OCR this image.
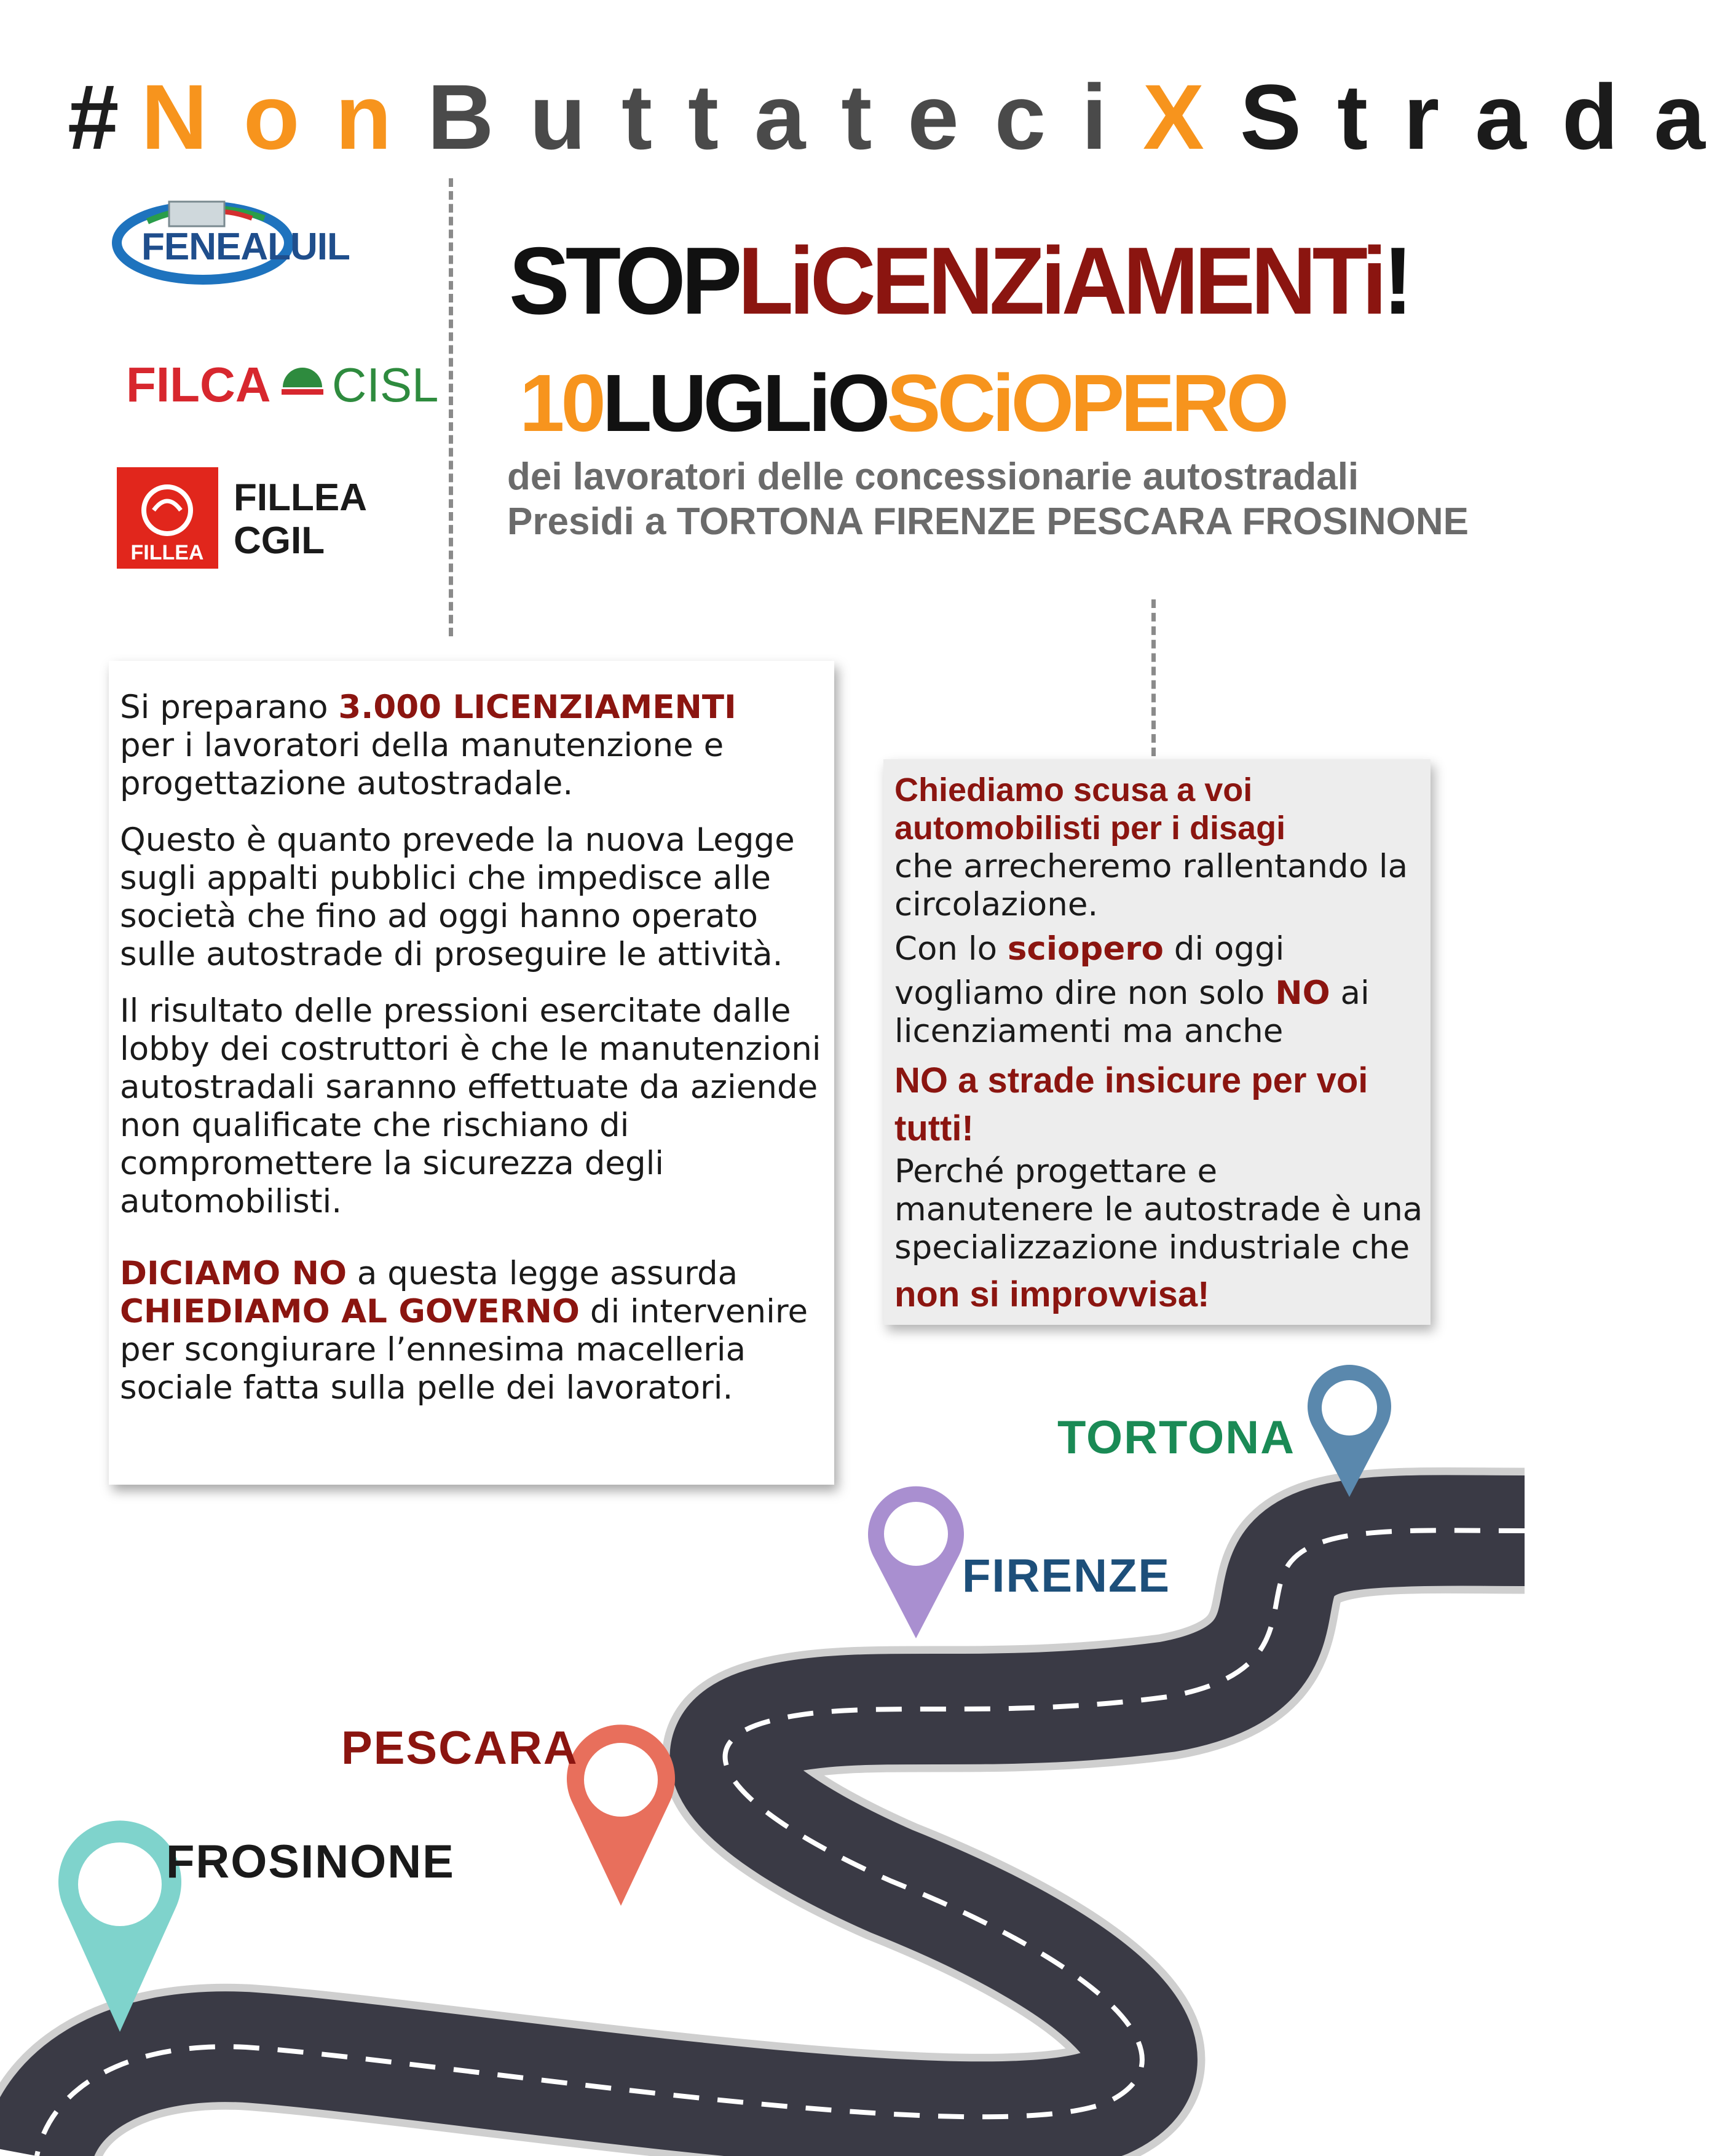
# N o n B u t t a t e c i X S t r a d a
FENEALUIL
FILCA CISL
FILLEA
FILLEA
CGIL
STOPLiCENZiAMENTi!
10LUGLiOSCiOPERO
dei lavoratori delle concessionarie autostradali
Presidi a TORTONA FIRENZE PESCARA FROSINONE

Si preparano 3.000 LICENZIAMENTI
per i lavoratori della manutenzione e progettazione autostradale.

Questo è quanto prevede la nuova Legge sugli appalti pubblici che impedisce alle società che fino ad oggi hanno operato sulle autostrade di proseguire le attività.

Il risultato delle pressioni esercitate dalle lobby dei costruttori è che le manutenzioni autostradali saranno effettuate da aziende non qualificate che rischiano di compromettere la sicurezza degli automobilisti.

DICIAMO NO a questa legge assurda
CHIEDIAMO AL GOVERNO di intervenire per scongiurare l’ennesima macelleria sociale fatta sulla pelle dei lavoratori.

Chiediamo scusa a voi automobilisti per i disagi
che arrecheremo rallentando la circolazione.

Con lo sciopero di oggi

vogliamo dire non solo NO ai licenziamenti ma anche

NO a strade insicure per voi tutti!

Perché progettare e manutenere le autostrade è una specializzazione industriale che

non si improvvisa!

TORTONA
FIRENZE
PESCARA
FROSINONE
